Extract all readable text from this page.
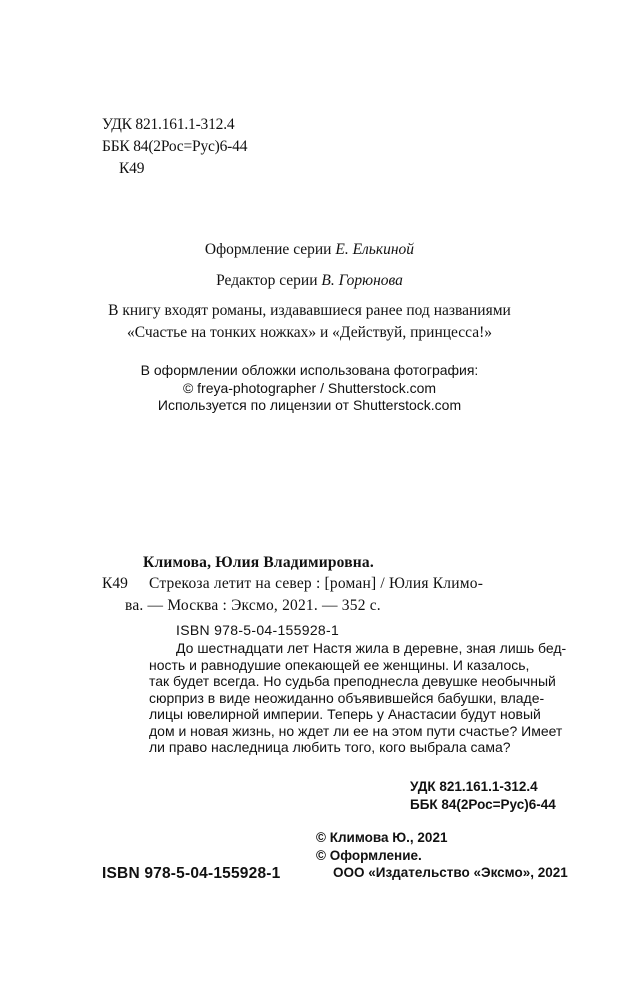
УДК 821.161.1-312.4
ББК 84(2Рос=Рус)6-44
К49
Оформление серии Е. Елькиной
Редактор серии В. Горюнова
В книгу входят романы, издававшиеся ранее под названиями
«Счастье на тонких ножках» и «Действуй, принцесса!»
В оформлении обложки использована фотография:
© freya-photographer / Shutterstock.com
Используется по лицензии от Shutterstock.com
Климова, Юлия Владимировна.
К49 Стрекоза летит на север : [роман] / Юлия Климо-
ва. — Москва : Эксмо, 2021. — 352 с.
ISBN 978-5-04-155928-1
До шестнадцати лет Настя жила в деревне, зная лишь бед-
ность и равнодушие опекающей ее женщины. И казалось,
так будет всегда. Но судьба преподнесла девушке необычный
сюрприз в виде неожиданно объявившейся бабушки, владе-
лицы ювелирной империи. Теперь у Анастасии будут новый
дом и новая жизнь, но ждет ли ее на этом пути счастье? Имеет
ли право наследница любить того, кого выбрала сама?
УДК 821.161.1-312.4
ББК 84(2Рос=Рус)6-44
© Климова Ю., 2021
© Оформление.
ООО «Издательство «Эксмо», 2021
ISBN 978-5-04-155928-1
